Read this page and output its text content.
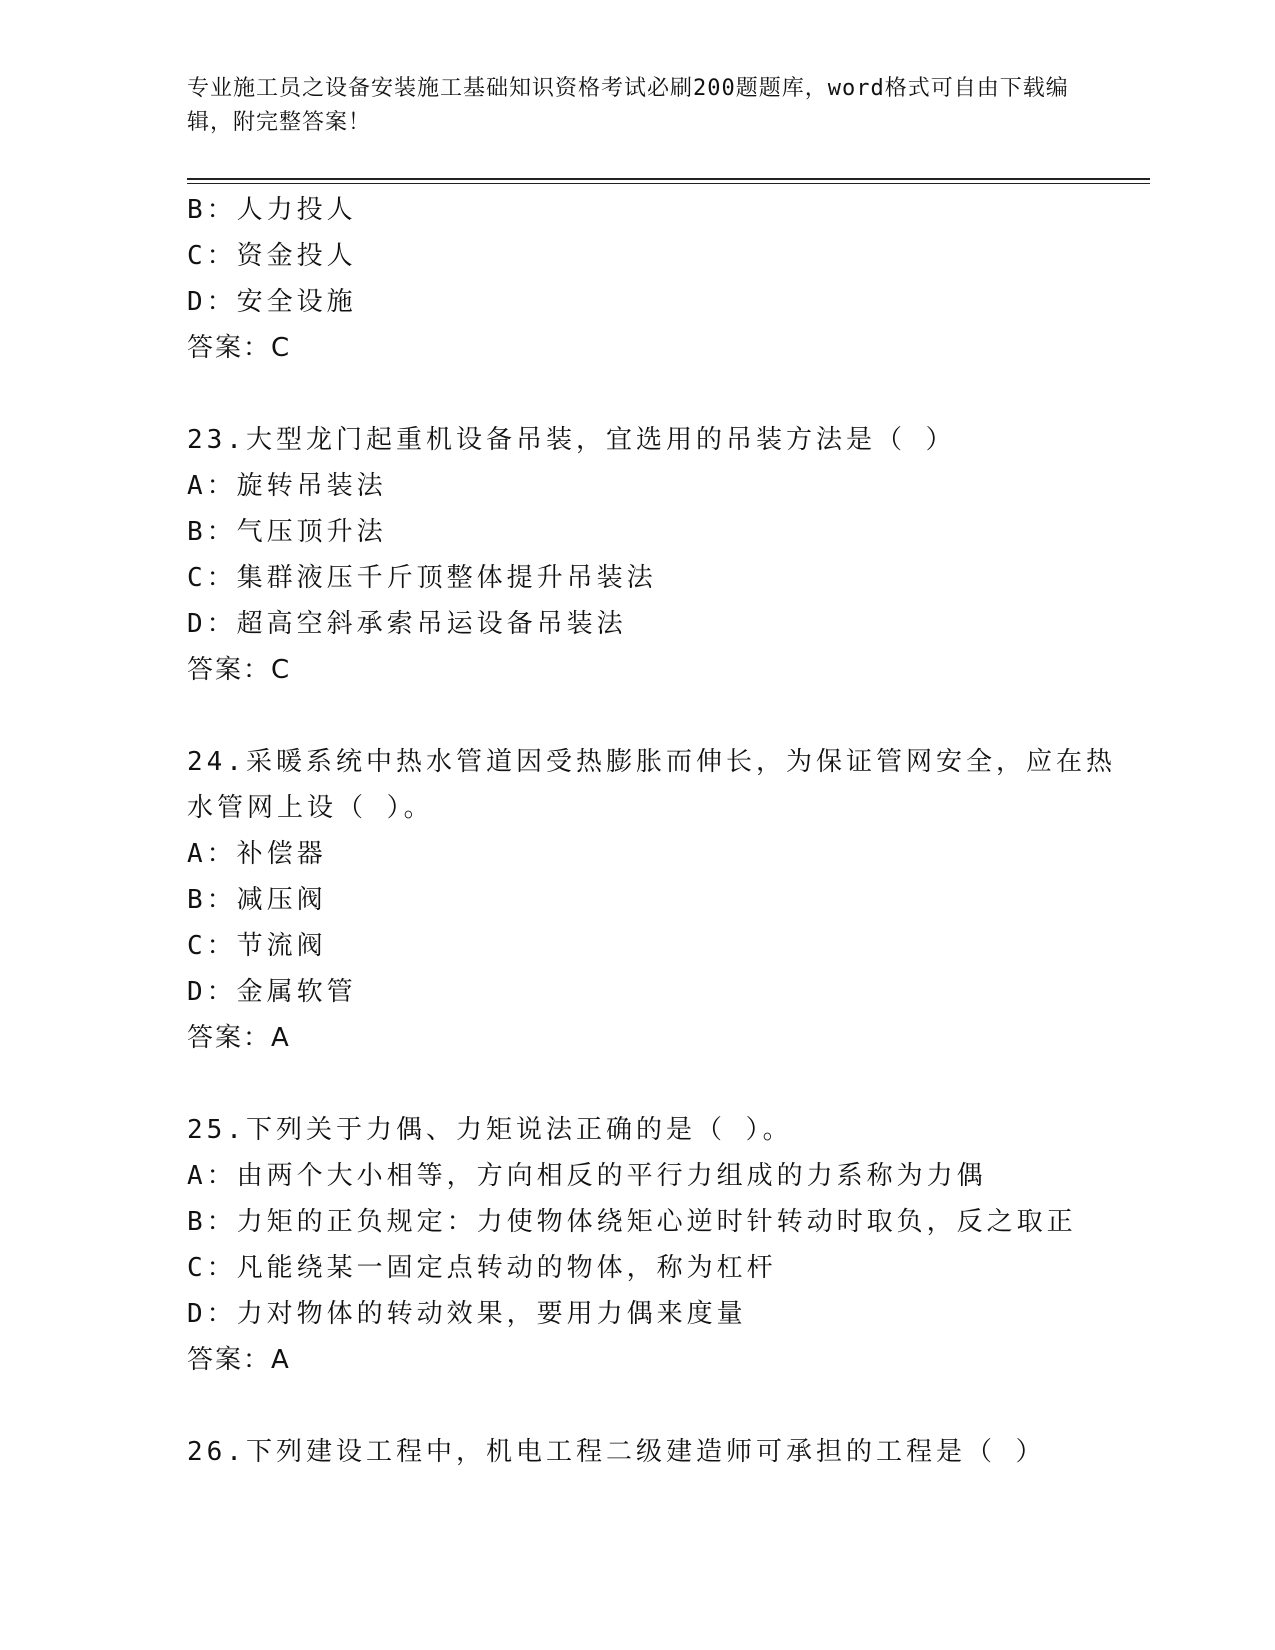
专业施工员之设备安装施工基础知识资格考试必刷200题题库，word格式可自由下载编辑，附完整答案！
B：人力投人
C：资金投人
D：安全设施
答案：C
23.大型龙门起重机设备吊装，宜选用的吊装方法是（ ）
A：旋转吊装法
B：气压顶升法
C：集群液压千斤顶整体提升吊装法
D：超高空斜承索吊运设备吊装法
答案：C
24.采暖系统中热水管道因受热膨胀而伸长，为保证管网安全，应在热
水管网上设（ ）。
A：补偿器
B：减压阀
C：节流阀
D：金属软管
答案：A
25.下列关于力偶、力矩说法正确的是（ ）。
A：由两个大小相等，方向相反的平行力组成的力系称为力偶
B：力矩的正负规定：力使物体绕矩心逆时针转动时取负，反之取正
C：凡能绕某一固定点转动的物体，称为杠杆
D：力对物体的转动效果，要用力偶来度量
答案：A
26.下列建设工程中，机电工程二级建造师可承担的工程是（ ）
